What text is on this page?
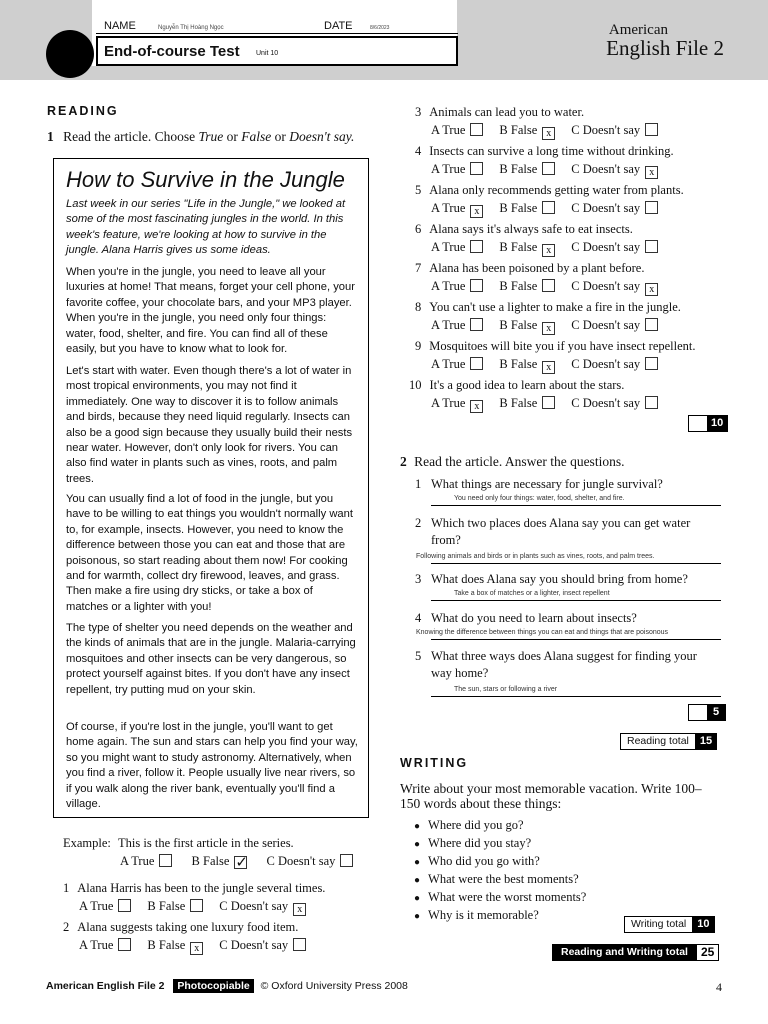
NAME	Nguyễn Thị Hoàng Ngọc	DATE	8/6/2023
End-of-course Test Unit 10
American
English File 2
READING
1 Read the article. Choose True or False or Doesn't say.
How to Survive in the Jungle
Last week in our series "Life in the Jungle," we looked at some of the most fascinating jungles in the world. In this week's feature, we're looking at how to survive in the jungle. Alana Harris gives us some ideas.
When you're in the jungle, you need to leave all your luxuries at home! That means, forget your cell phone, your favorite coffee, your chocolate bars, and your MP3 player. When you're in the jungle, you need only four things: water, food, shelter, and fire. You can find all of these easily, but you have to know what to look for.
Let's start with water. Even though there's a lot of water in most tropical environments, you may not find it immediately. One way to discover it is to follow animals and birds, because they need liquid regularly. Insects can also be a good sign because they usually build their nests near water. However, don't only look for rivers. You can also find water in plants such as vines, roots, and palm trees.
You can usually find a lot of food in the jungle, but you have to be willing to eat things you wouldn't normally want to, for example, insects. However, you need to know the difference between those you can eat and those that are poisonous, so start reading about them now! For cooking and for warmth, collect dry firewood, leaves, and grass. Then make a fire using dry sticks, or take a box of matches or a lighter with you!
The type of shelter you need depends on the weather and the kinds of animals that are in the jungle. Malaria-carrying mosquitoes and other insects can be very dangerous, so protect yourself against bites. If you don't have any insect repellent, try putting mud on your skin.
Of course, if you're lost in the jungle, you'll want to get home again. The sun and stars can help you find your way, so you might want to study astronomy. Alternatively, when you find a river, follow it. People usually live near rivers, so if you walk along the river bank, eventually you'll find a village.
Example: This is the first article in the series.
A True	B False ✓ C Doesn't say
1 Alana Harris has been to the jungle several times.
A True	B False	C Doesn't say x
2 Alana suggests taking one luxury food item.
A True	B False x C Doesn't say
3 Animals can lead you to water.
A True	B False x C Doesn't say
4 Insects can survive a long time without drinking.
A True	B False	C Doesn't say x
5 Alana only recommends getting water from plants.
A True x B False	C Doesn't say
6 Alana says it's always safe to eat insects.
A True	B False x C Doesn't say
7 Alana has been poisoned by a plant before.
A True	B False	C Doesn't say x
8 You can't use a lighter to make a fire in the jungle.
A True	B False x C Doesn't say
9 Mosquitoes will bite you if you have insect repellent.
A True	B False x C Doesn't say
10 It's a good idea to learn about the stars.
A True x B False	C Doesn't say
10
2 Read the article. Answer the questions.
1 What things are necessary for jungle survival?
You need only four things: water, food, shelter, and fire.
2 Which two places does Alana say you can get water
from?
Following animals and birds or in plants such as vines, roots, and palm trees.
3 What does Alana say you should bring from home?
Take a box of matches or a lighter, insect repellent
4 What do you need to learn about insects?
Knowing the difference between things you can eat and things that are poisonous
5 What three ways does Alana suggest for finding your
way home?
The sun, stars or following a river
5
Reading total	15
WRITING
Write about your most memorable vacation. Write 100–150 words about these things:
● Where did you go?
● Where did you stay?
● Who did you go with?
● What were the best moments?
● What were the worst moments?
● Why is it memorable?
Writing total	10
Reading and Writing total	25
American English File 2 Photocopiable © Oxford University Press 2008	4
